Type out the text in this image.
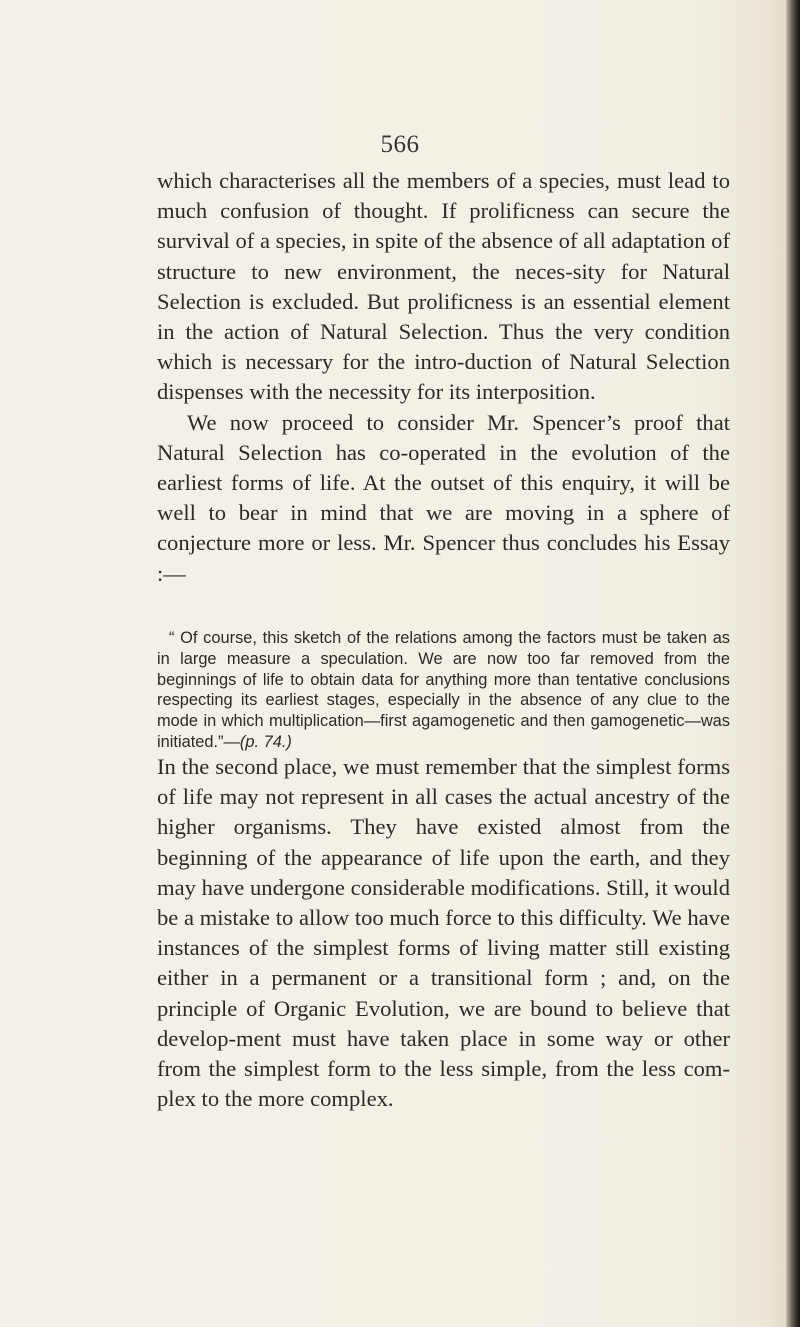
566

which characterises all the members of a species, must lead to much confusion of thought. If prolificness can secure the survival of a species, in spite of the absence of all adaptation of structure to new environment, the neces-sity for Natural Selection is excluded. But prolificness is an essential element in the action of Natural Selection. Thus the very condition which is necessary for the intro-duction of Natural Selection dispenses with the necessity for its interposition.

We now proceed to consider Mr. Spencer’s proof that Natural Selection has co-operated in the evolution of the earliest forms of life. At the outset of this enquiry, it will be well to bear in mind that we are moving in a sphere of conjecture more or less. Mr. Spencer thus concludes his Essay :—

“ Of course, this sketch of the relations among the factors must be taken as in large measure a speculation. We are now too far removed from the beginnings of life to obtain data for anything more than tentative conclusions respecting its earliest stages, especially in the absence of any clue to the mode in which multiplication—first agamogenetic and then gamogenetic—was initiated.”—(p. 74.)

In the second place, we must remember that the simplest forms of life may not represent in all cases the actual ancestry of the higher organisms. They have existed almost from the beginning of the appearance of life upon the earth, and they may have undergone considerable modifications. Still, it would be a mistake to allow too much force to this difficulty. We have instances of the simplest forms of living matter still existing either in a permanent or a transitional form ; and, on the principle of Organic Evolution, we are bound to believe that develop-ment must have taken place in some way or other from the simplest form to the less simple, from the less com-plex to the more complex.
